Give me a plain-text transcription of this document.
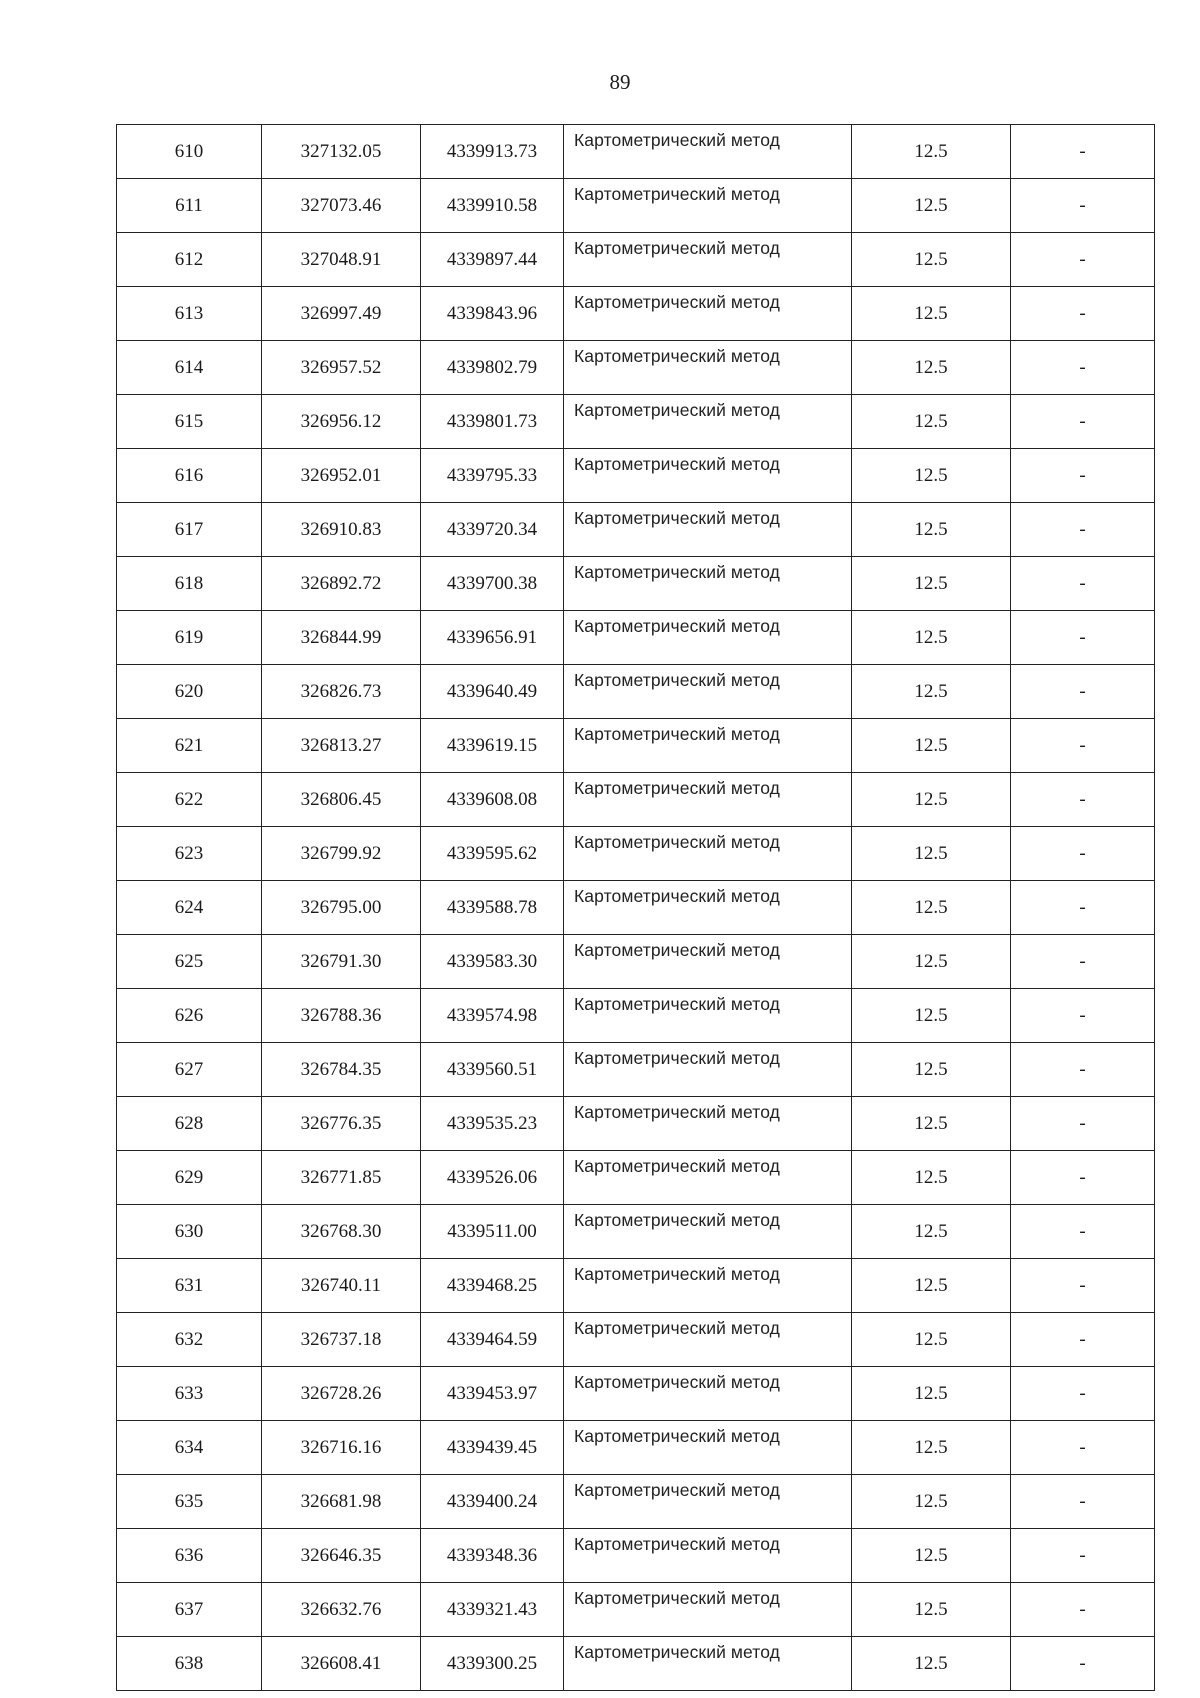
89
610	327132.05	4339913.73	Картометрический метод	12.5	-
611	327073.46	4339910.58	Картометрический метод	12.5	-
612	327048.91	4339897.44	Картометрический метод	12.5	-
613	326997.49	4339843.96	Картометрический метод	12.5	-
614	326957.52	4339802.79	Картометрический метод	12.5	-
615	326956.12	4339801.73	Картометрический метод	12.5	-
616	326952.01	4339795.33	Картометрический метод	12.5	-
617	326910.83	4339720.34	Картометрический метод	12.5	-
618	326892.72	4339700.38	Картометрический метод	12.5	-
619	326844.99	4339656.91	Картометрический метод	12.5	-
620	326826.73	4339640.49	Картометрический метод	12.5	-
621	326813.27	4339619.15	Картометрический метод	12.5	-
622	326806.45	4339608.08	Картометрический метод	12.5	-
623	326799.92	4339595.62	Картометрический метод	12.5	-
624	326795.00	4339588.78	Картометрический метод	12.5	-
625	326791.30	4339583.30	Картометрический метод	12.5	-
626	326788.36	4339574.98	Картометрический метод	12.5	-
627	326784.35	4339560.51	Картометрический метод	12.5	-
628	326776.35	4339535.23	Картометрический метод	12.5	-
629	326771.85	4339526.06	Картометрический метод	12.5	-
630	326768.30	4339511.00	Картометрический метод	12.5	-
631	326740.11	4339468.25	Картометрический метод	12.5	-
632	326737.18	4339464.59	Картометрический метод	12.5	-
633	326728.26	4339453.97	Картометрический метод	12.5	-
634	326716.16	4339439.45	Картометрический метод	12.5	-
635	326681.98	4339400.24	Картометрический метод	12.5	-
636	326646.35	4339348.36	Картометрический метод	12.5	-
637	326632.76	4339321.43	Картометрический метод	12.5	-
638	326608.41	4339300.25	Картометрический метод	12.5	-
